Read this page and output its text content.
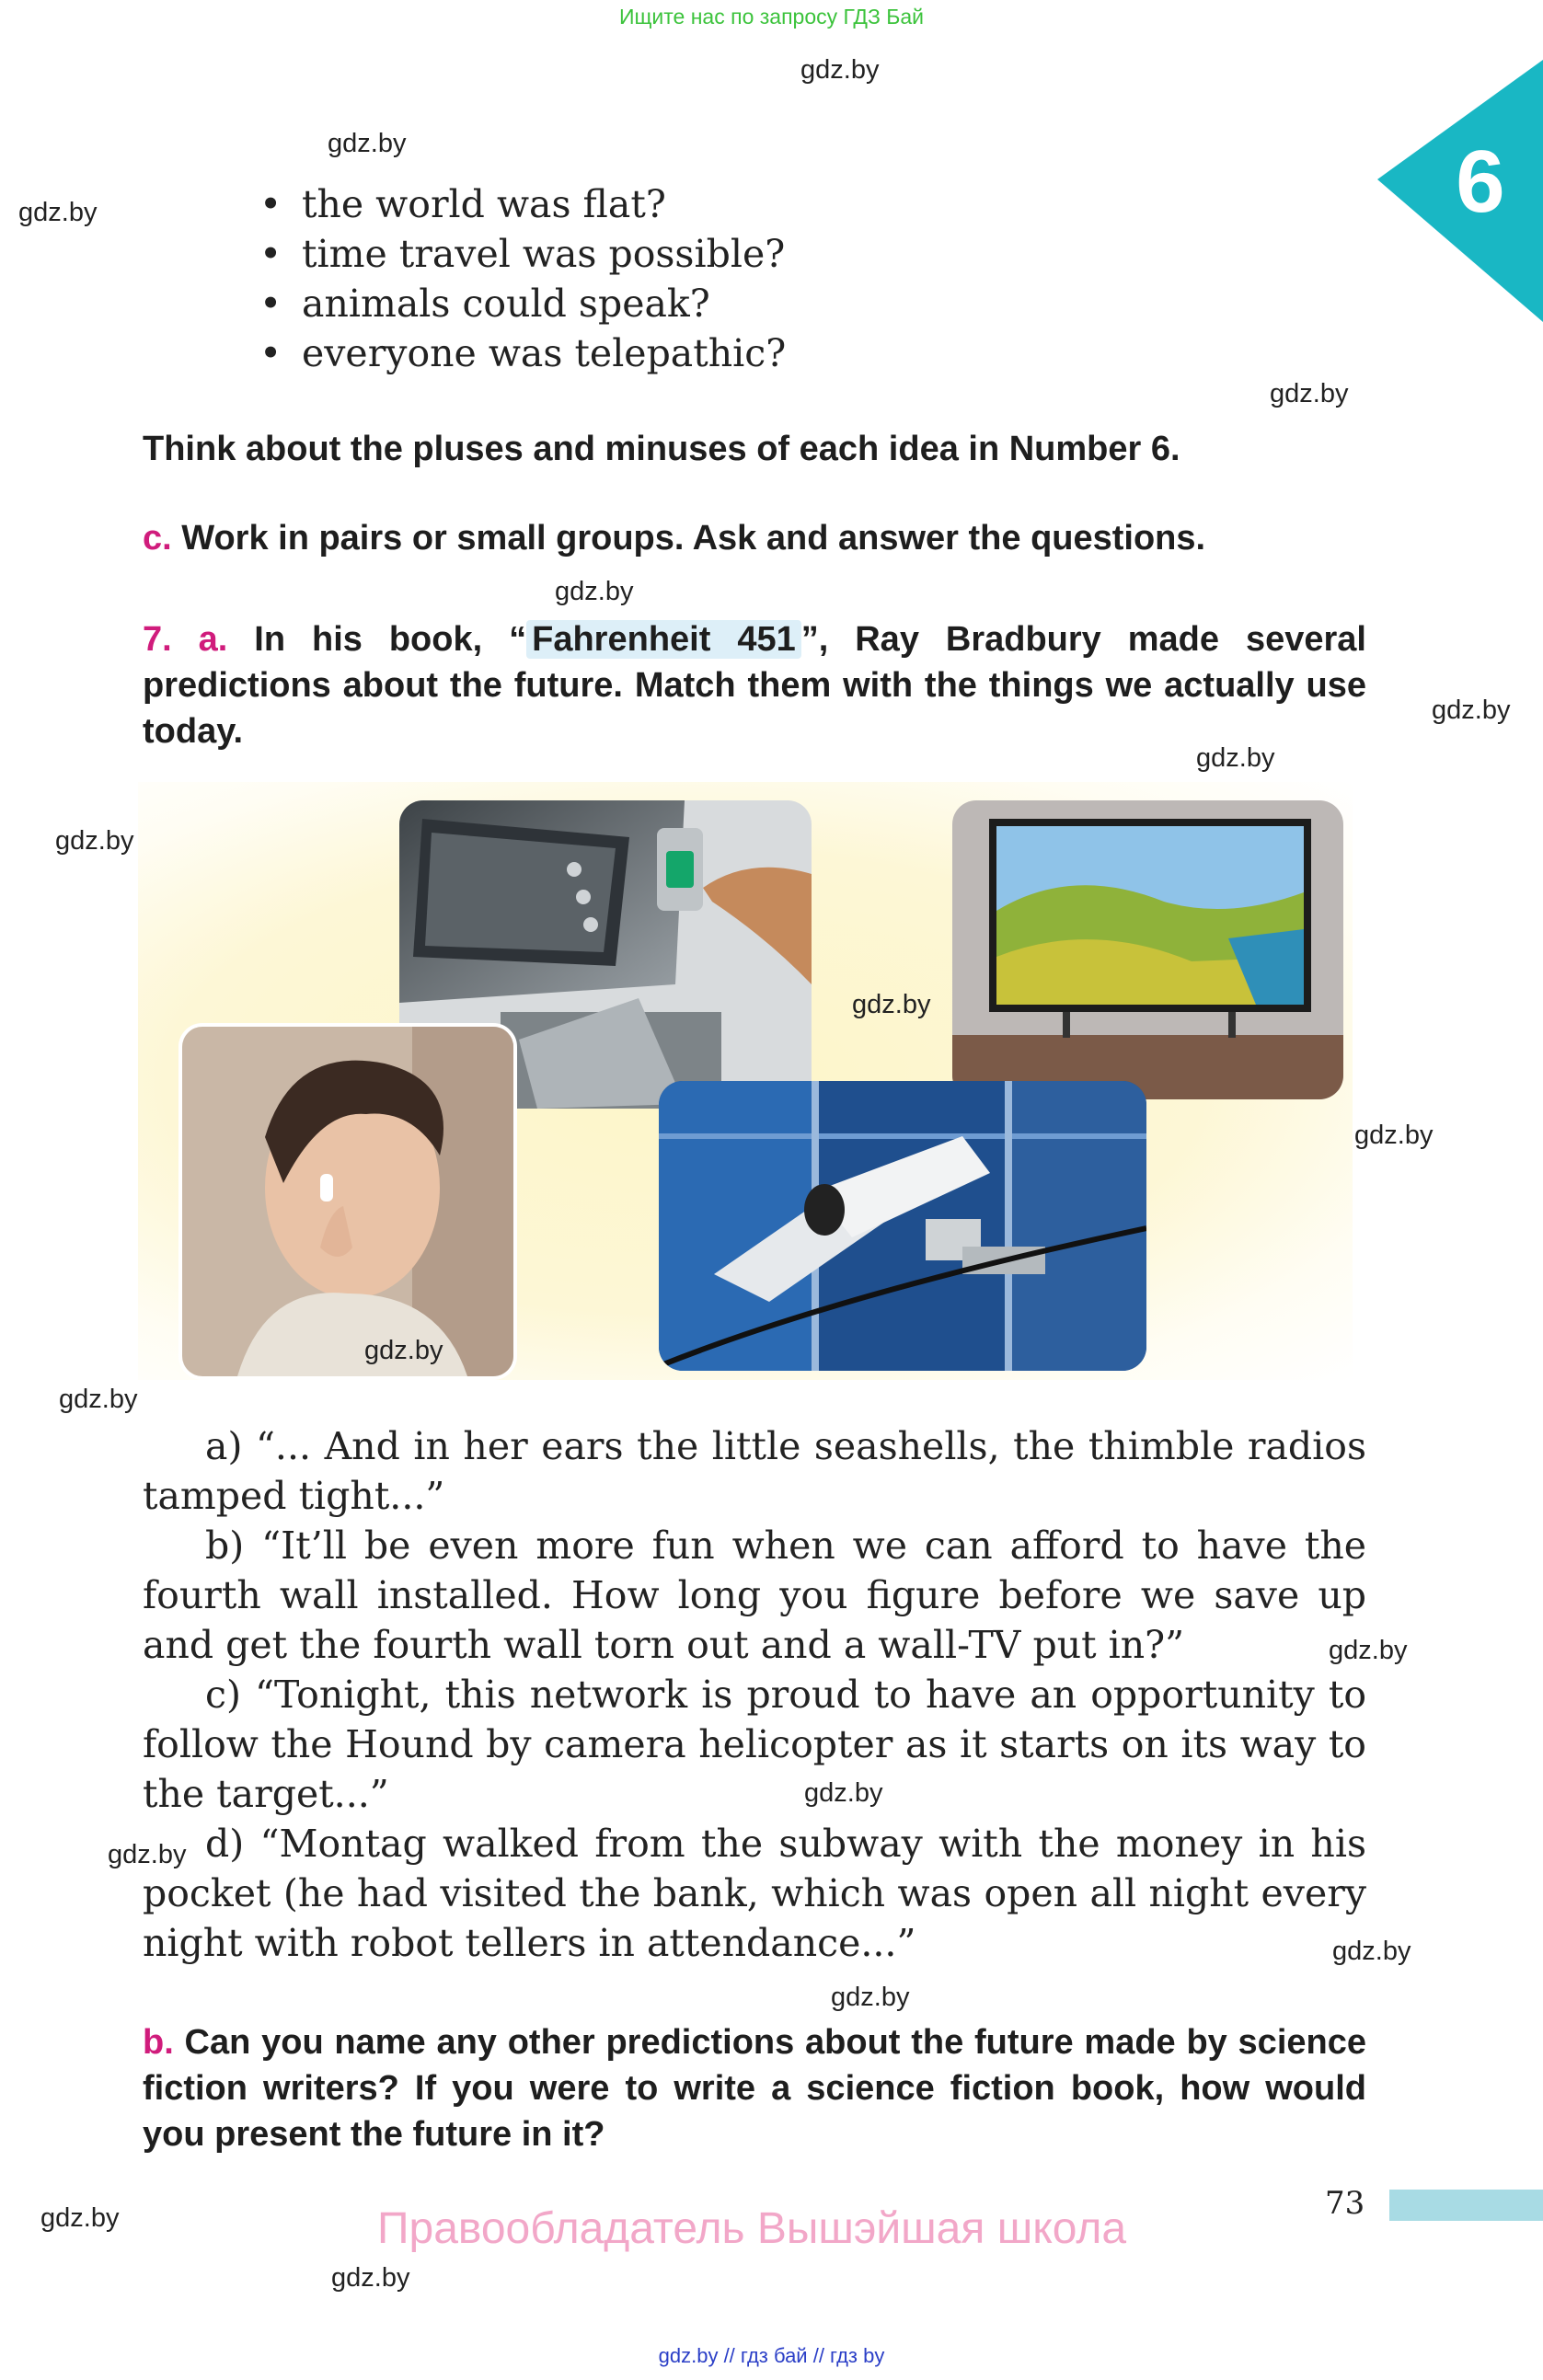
Ищите нас по запросу ГДЗ Бай
6
gdz.by
gdz.by
gdz.by
gdz.by
gdz.by
gdz.by
gdz.by
gdz.by
gdz.by
gdz.by
gdz.by
gdz.by
gdz.by
gdz.by
gdz.by
gdz.by
gdz.by
• the world was flat?
• time travel was possible?
• animals could speak?
• everyone was telepathic?
Think about the pluses and minuses of each idea in Number 6.
c. Work in pairs or small groups. Ask and answer the questions.
7. a. In his book, “ Fahrenheit 451 ”, Ray Bradbury made several predictions about the future. Match them with the things we actually use today.
gdz.by
gdz.by

a) “... And in her ears the little seashells, the thimble radios tamped tight...”

b) “It’ll be even more fun when we can afford to have the fourth wall installed. How long you figure before we save up and get the fourth wall torn out and a wall-TV put in?”

c) “Tonight, this network is proud to have an opportunity to follow the Hound by camera helicopter as it starts on its way to the target...”

d) “Montag walked from the subway with the money in his pocket (he had visited the bank, which was open all night every night with robot tellers in attendance...”

b. Can you name any other predictions about the future made by science fiction writers? If you were to write a science fiction book, how would you present the future in it?
73
Правообладатель Вышэйшая школа
gdz.by // гдз бай // гдз by
